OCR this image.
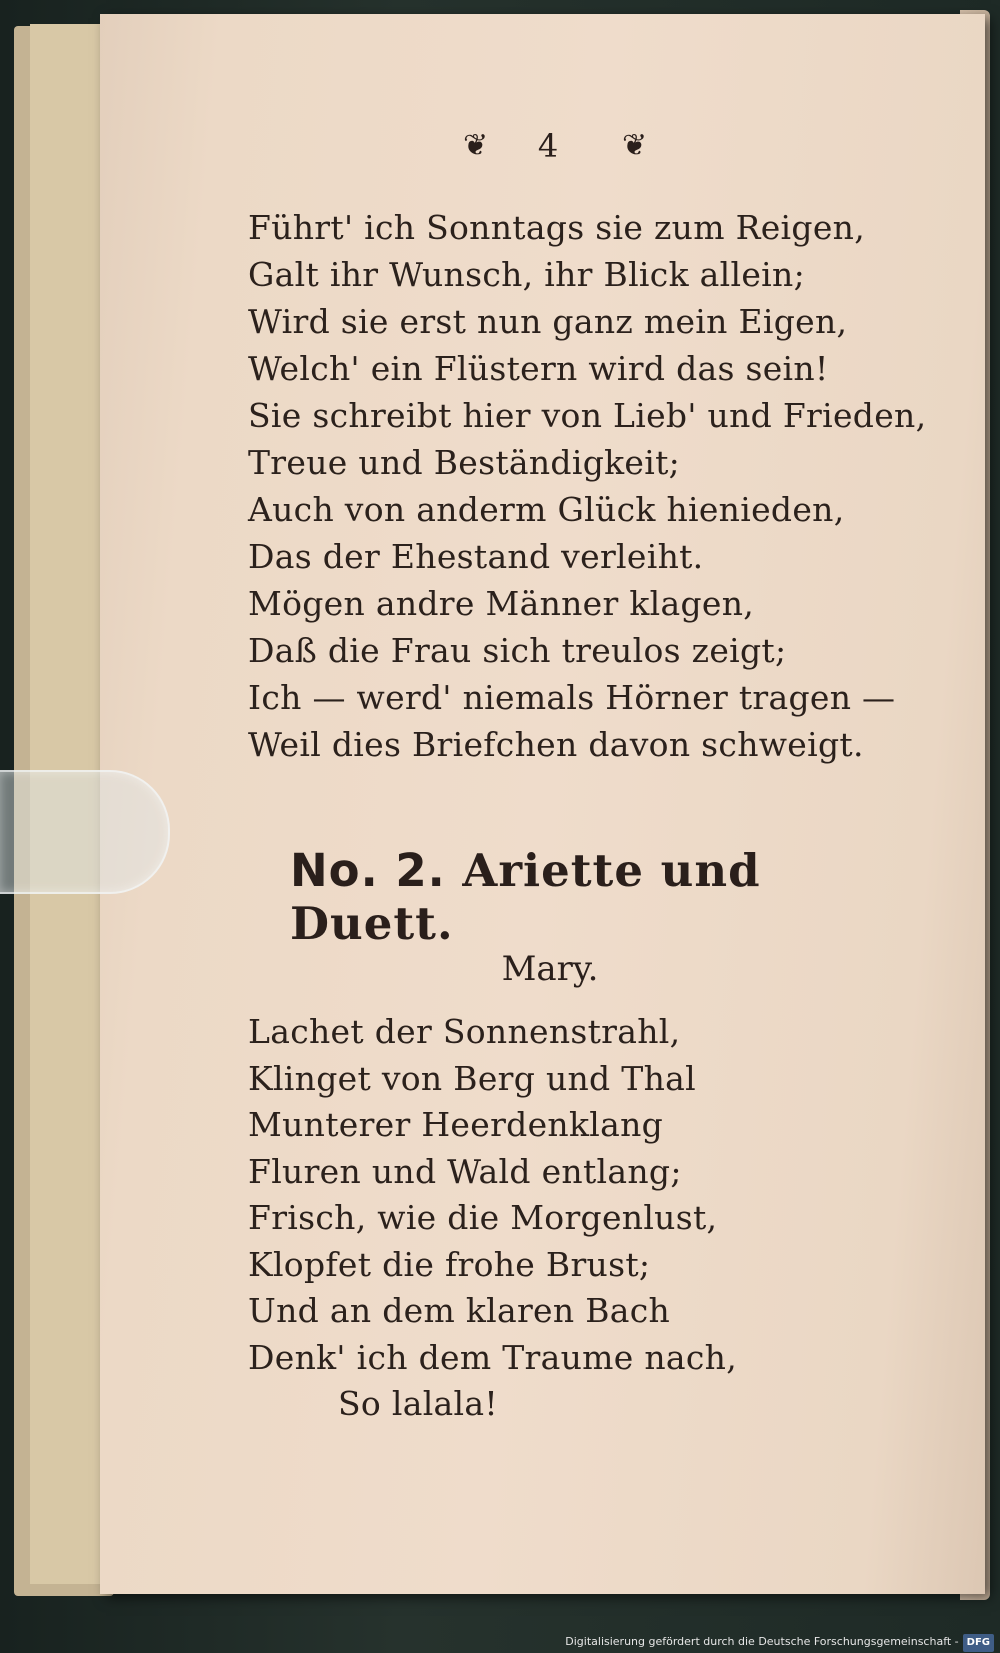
❦	4	❦
Führt' ich Sonntags sie zum Reigen,
Galt ihr Wunsch, ihr Blick allein;
Wird sie erst nun ganz mein Eigen,
Welch' ein Flüstern wird das sein!
Sie schreibt hier von Lieb' und Frieden,
Treue und Beständigkeit;
Auch von anderm Glück hienieden,
Das der Ehestand verleiht.
Mögen andre Männer klagen,
Daß die Frau sich treulos zeigt;
Ich — werd' niemals Hörner tragen —
Weil dies Briefchen davon schweigt.
No. 2. Ariette und Duett.
Mary.
Lachet der Sonnenstrahl,
Klinget von Berg und Thal
Munterer Heerdenklang
Fluren und Wald entlang;
Frisch, wie die Morgenlust,
Klopfet die frohe Brust;
Und an dem klaren Bach
Denk' ich dem Traume nach,
So lalala!
Digitalisierung gefördert durch die Deutsche Forschungsgemeinschaft - DFG
